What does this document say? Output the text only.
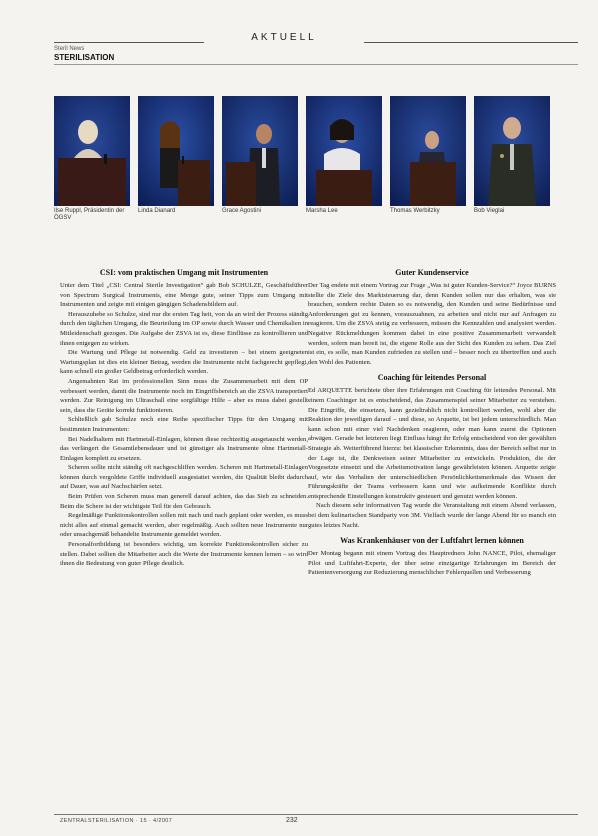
AKTUELL
Steril News
STERILISATION
Ilse Ruppl, Präsidentin der ÖGSV
Linda Dianard	Grace Agostini	Marsha Lee	Thomas Werbitzky	Bob Vieglai
CSI: vom praktischen Umgang mit Instrumenten

Unter dem Titel „CSI: Central Sterile Investigation“ gab Bob SCHULZE, Geschäftsführer von Spectrum Surgical Instruments, eine Menge gute, seiner Tipps zum Umgang mit Instrumenten und zeigte mit einigen gängigen Schadensbildern auf.

Herauszuhebe so Schulze, sind nur die ersten Tag heit, von da an wird der Prozess ständig durch den täglichen Umgang, die Beurteilung im OP sowie durch Wasser und Chemikalien in Mitleidenschaft gezogen. Die Aufgabe der ZSVA ist es, diese Einflüsse zu kontrollieren und ihnen entgegen zu wirken.

Die Wartung und Pflege ist notwendig. Geld zu investieren – bei einem geeigneten Wartungsplan ist dies ein kleiner Betrag, werden die Instrumente nicht fachgerecht gepflegt, kann schnell ein großer Geldbetrag erforderlich werden.

Angemahnten Rat im professionellen Sinn muss die Zusammenarbeit mit dem OP verbessert werden, damit die Instrumente noch im Eingriffsbereich an die ZSVA transportiert werden. Zur Reinigung im Ultraschall eine sorgfältige Hilfe – aber es muss dabei gestellt sein, dass die Geräte korrekt funktionieren.

Schließlich gab Schulze noch eine Reihe spezifischer Tipps für den Umgang mit bestimmten Instrumenten:

Bei Nadelhaltern mit Hartmetall-Einlagen, können diese rechtzeitig ausgetauscht werden, das verlängert die Gesamtlebensdauer und ist günstiger als Instrumente ohne Hartmetall-Einlagen komplett zu ersetzen.

Scheren sollte nicht ständig oft nachgeschliffen werden. Scheren mit Hartmetall-Einlagen können durch vergoldete Griffe individuell ausgestattet werden, die Qualität bleibt dadurch auf Dauer, was auf Nachschärfen setzt.

Beim Prüfen von Scheren muss man generell darauf achten, das das Sieb zu schneiden. Beim die Schere ist der wichtigste Teil für den Gebrauch.

Regelmäßige Funktionskontrollen sollen mit nach und nach geplant oder werden, es muss nicht alles auf einmal gemacht werden, aber regelmäßig. Auch sollten neue Instrumente nur oder unsachgemäß behandelte Instrumente gemeldet werden.

Personalfortbildung ist besonders wichtig, um korrekte Funktionskontrollen sicher zu stellen. Dabei sollten die Mitarbeiter auch die Werte der Instrumente kennen lernen – so wird ihnen die Bedeutung von guter Pflege deutlich.

Guter Kundenservice

Der Tag endete mit einem Vortrag zur Frage „Was ist guter Kunden-Service?“ Joyce BURNS stellte die Ziele des Marktsteuerung dar, denn Kunden sollen nur das erhalten, was sie brauchen, sondern rechte Daten so es notwendig, den Kunden und seine Bedürfnisse und Anforderungen gut zu kennen, vorauszuahnen, zu arbeiten und nicht nur auf Anfragen zu reagieren. Um die ZSVA stetig zu verbessern, müssen die Kennzahlen und analysiert werden. Negative Rückmeldungen kommen dabei in eine positive Zusammenarbeit verwandelt werden, sofern man bereit ist, die eigene Rolle aus der Sicht des Kunden zu sehen. Das Ziel ist ein, es solle, man Kunden zufrieden zu stellen und – besser noch zu übertreffen und auch den Wohl des Patienten.

Coaching für leitendes Personal

Ed ARQUETTE berichtete über ihre Erfahrungen mit Coaching für leitendes Personal. Mit einem Coachinger ist es entscheidend, das Zusammenspiel seiner Mitarbeiter zu verstehen. Die Eingriffe, die einsetzen, kann gezieltrahlich nicht kontrolliert werden, wohl aber die Reaktion der jeweiligen darauf – und diese, so Arquette, ist bei jedem unterschiedlich. Man kann schon mit einer viel Nachdenken reagieren, oder man kann zuerst die Optionen abwägen. Gerade bei letzteren liegt Einfluss hängt ihr Erfolg entscheidend von der gewählten Strategie ab. Weiterführend hierzu: bei klassischer Erkenntnis, dass der Bereich selbst nur in der Lage ist, die Denkweisen seiner Mitarbeiter zu entwickeln. Produktion, die der Vorgesetzte einsetzt und die Arbeitsmotivation lange gewährleisten können. Arquette zeigte auf, wie das Verhalten der unterschiedlichen Persönlichkeitsmerkmale das Wissen der Führungskräfte der Teams verbessern kann und wie aufkeimende Konflikte durch entsprechende Einstellungen konstruktiv gesteuert und genutzt werden können.

Nach diesem sehr informativen Tag wurde die Veranstaltung mit einem Abend verlassen, bei dem kulinarischen Standparty von 3M. Vielfach wurde der lange Abend für so manch ein gutes letztes Nacht.

Was Krankenhäuser von der Luftfahrt lernen können

Der Montag begann mit einem Vortrag des Hauptredners John NANCE, Pilot, ehemaliger Pilot und Luftfahrt-Experte, der über seine einzigartige Erfahrungen im Bereich der Patientenversorgung zur Reduzierung menschlicher Fehlerquellen und Verbesserung

ZENTRALSTERILISATION · 15 · 4/2007	232
